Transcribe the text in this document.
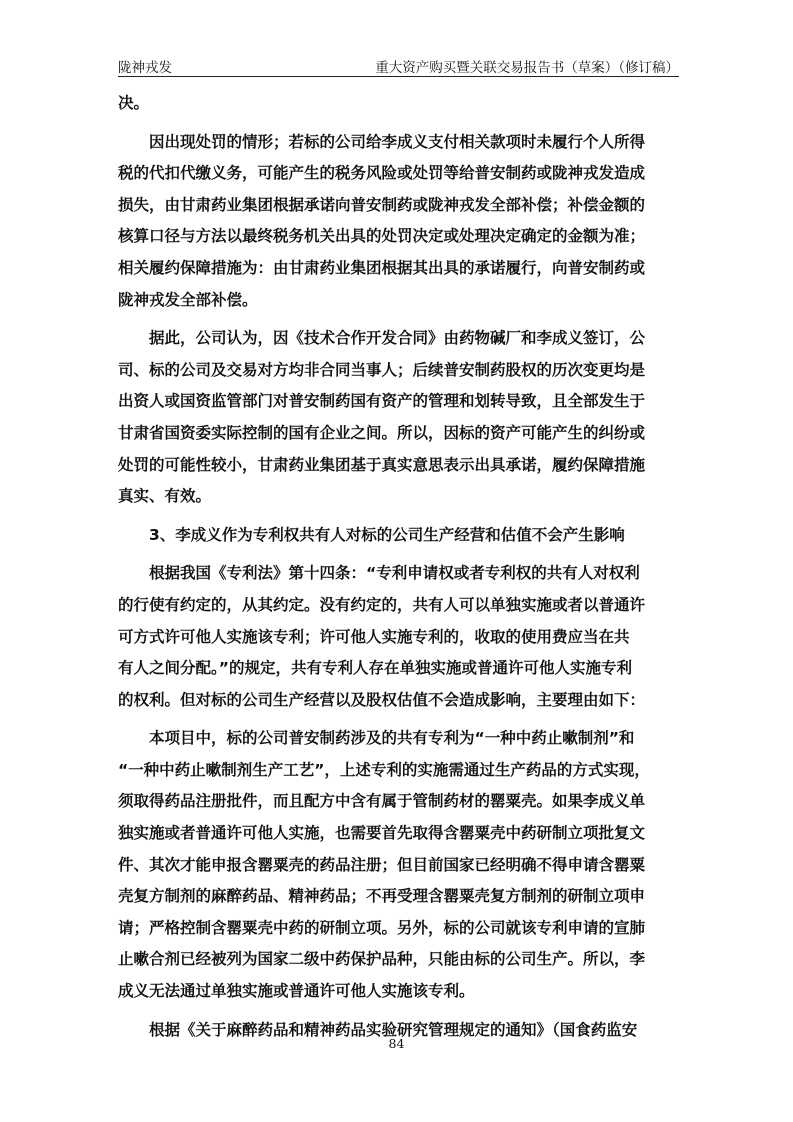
陇神戎发	重大资产购买暨关联交易报告书（草案）（修订稿）
决。
因出现处罚的情形；若标的公司给李成义支付相关款项时未履行个人所得
税的代扣代缴义务，可能产生的税务风险或处罚等给普安制药或陇神戎发造成
损失，由甘肃药业集团根据承诺向普安制药或陇神戎发全部补偿；补偿金额的
核算口径与方法以最终税务机关出具的处罚决定或处理决定确定的金额为准；
相关履约保障措施为：由甘肃药业集团根据其出具的承诺履行，向普安制药或
陇神戎发全部补偿。
据此，公司认为，因《技术合作开发合同》由药物碱厂和李成义签订，公
司、标的公司及交易对方均非合同当事人；后续普安制药股权的历次变更均是
出资人或国资监管部门对普安制药国有资产的管理和划转导致，且全部发生于
甘肃省国资委实际控制的国有企业之间。所以，因标的资产可能产生的纠纷或
处罚的可能性较小，甘肃药业集团基于真实意思表示出具承诺，履约保障措施
真实、有效。
3、李成义作为专利权共有人对标的公司生产经营和估值不会产生影响
根据我国《专利法》第十四条：“专利申请权或者专利权的共有人对权利
的行使有约定的，从其约定。没有约定的，共有人可以单独实施或者以普通许
可方式许可他人实施该专利；许可他人实施专利的，收取的使用费应当在共
有人之间分配。”的规定，共有专利人存在单独实施或普通许可他人实施专利
的权利。但对标的公司生产经营以及股权估值不会造成影响，主要理由如下：
本项目中，标的公司普安制药涉及的共有专利为“一种中药止嗽制剂”和
“一种中药止嗽制剂生产工艺”，上述专利的实施需通过生产药品的方式实现，
须取得药品注册批件，而且配方中含有属于管制药材的罂粟壳。如果李成义单
独实施或者普通许可他人实施，也需要首先取得含罂粟壳中药研制立项批复文
件、其次才能申报含罂粟壳的药品注册；但目前国家已经明确不得申请含罂粟
壳复方制剂的麻醉药品、精神药品；不再受理含罂粟壳复方制剂的研制立项申
请；严格控制含罂粟壳中药的研制立项。另外，标的公司就该专利申请的宣肺
止嗽合剂已经被列为国家二级中药保护品种，只能由标的公司生产。所以，李
成义无法通过单独实施或普通许可他人实施该专利。
根据《关于麻醉药品和精神药品实验研究管理规定的通知》（国食药监安
84
